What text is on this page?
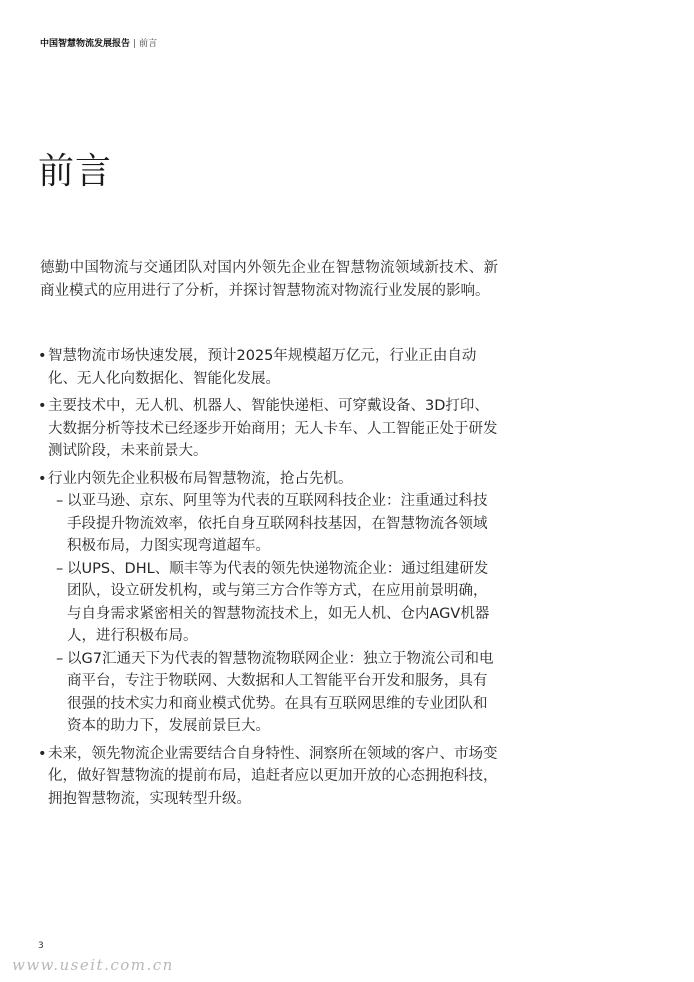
中国智慧物流发展报告 | 前言
前言

德勤中国物流与交通团队对国内外领先企业在智慧物流领域新技术、新商业模式的应用进行了分析，并探讨智慧物流对物流行业发展的影响。

• 智慧物流市场快速发展，预计2025年规模超万亿元，行业正由自动化、无人化向数据化、智能化发展。
• 主要技术中，无人机、机器人、智能快递柜、可穿戴设备、3D打印、大数据分析等技术已经逐步开始商用；无人卡车、人工智能正处于研发测试阶段，未来前景大。
• 行业内领先企业积极布局智慧物流，抢占先机。
– 以亚马逊、京东、阿里等为代表的互联网科技企业：注重通过科技手段提升物流效率，依托自身互联网科技基因，在智慧物流各领域积极布局，力图实现弯道超车。
– 以UPS、DHL、顺丰等为代表的领先快递物流企业：通过组建研发团队，设立研发机构，或与第三方合作等方式，在应用前景明确，与自身需求紧密相关的智慧物流技术上，如无人机、仓内AGV机器人，进行积极布局。
– 以G7汇通天下为代表的智慧物流物联网企业：独立于物流公司和电商平台，专注于物联网、大数据和人工智能平台开发和服务，具有很强的技术实力和商业模式优势。在具有互联网思维的专业团队和资本的助力下，发展前景巨大。
• 未来，领先物流企业需要结合自身特性、洞察所在领域的客户、市场变化，做好智慧物流的提前布局，追赶者应以更加开放的心态拥抱科技，拥抱智慧物流，实现转型升级。
3
www.useit.com.cn
